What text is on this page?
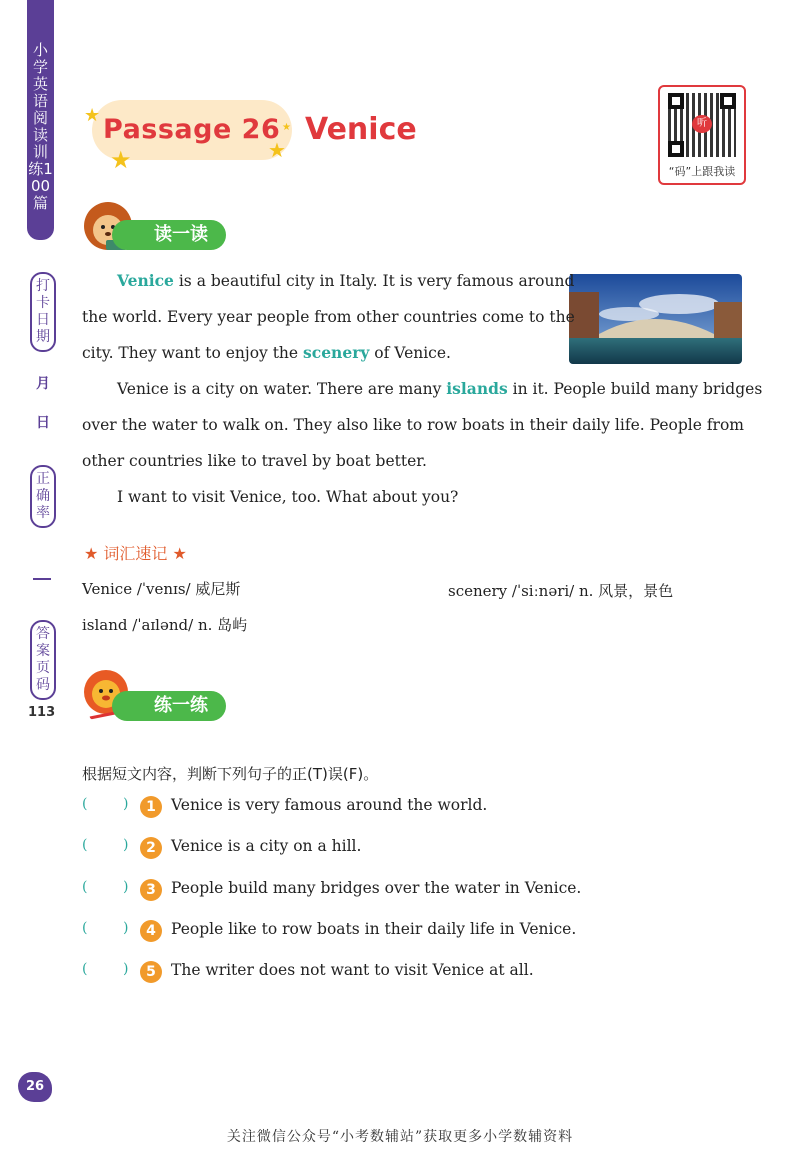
小学英语阅读训练100篇
打卡日期
月
日
正确率
答案页码
113
★
★	★
★
Passage 26 Venice	听
“码”上跟我读
读一读
Venice is a beautiful city in Italy. It is very famous around
the world. Every year people from other countries come to the
city. They want to enjoy the scenery of Venice.
Venice is a city on water. There are many islands in it. People build many bridges
over the water to walk on. They also like to row boats in their daily life. People from
other countries like to travel by boat better.
I want to visit Venice, too. What about you?
★ 词汇速记 ★
Venice /ˈvenɪs/ 威尼斯	scenery /ˈsiːnəri/ n. 风景，景色
island /ˈaɪlənd/ n. 岛屿
练一练
根据短文内容，判断下列句子的正(T)误(F)。
(	)	1 Venice is very famous around the world.
(	)	2 Venice is a city on a hill.
(	)	3 People build many bridges over the water in Venice.
(	)	4 People like to row boats in their daily life in Venice.
(	)	5 The writer does not want to visit Venice at all.
26
关注微信公众号“小考数辅站”获取更多小学数辅资料
